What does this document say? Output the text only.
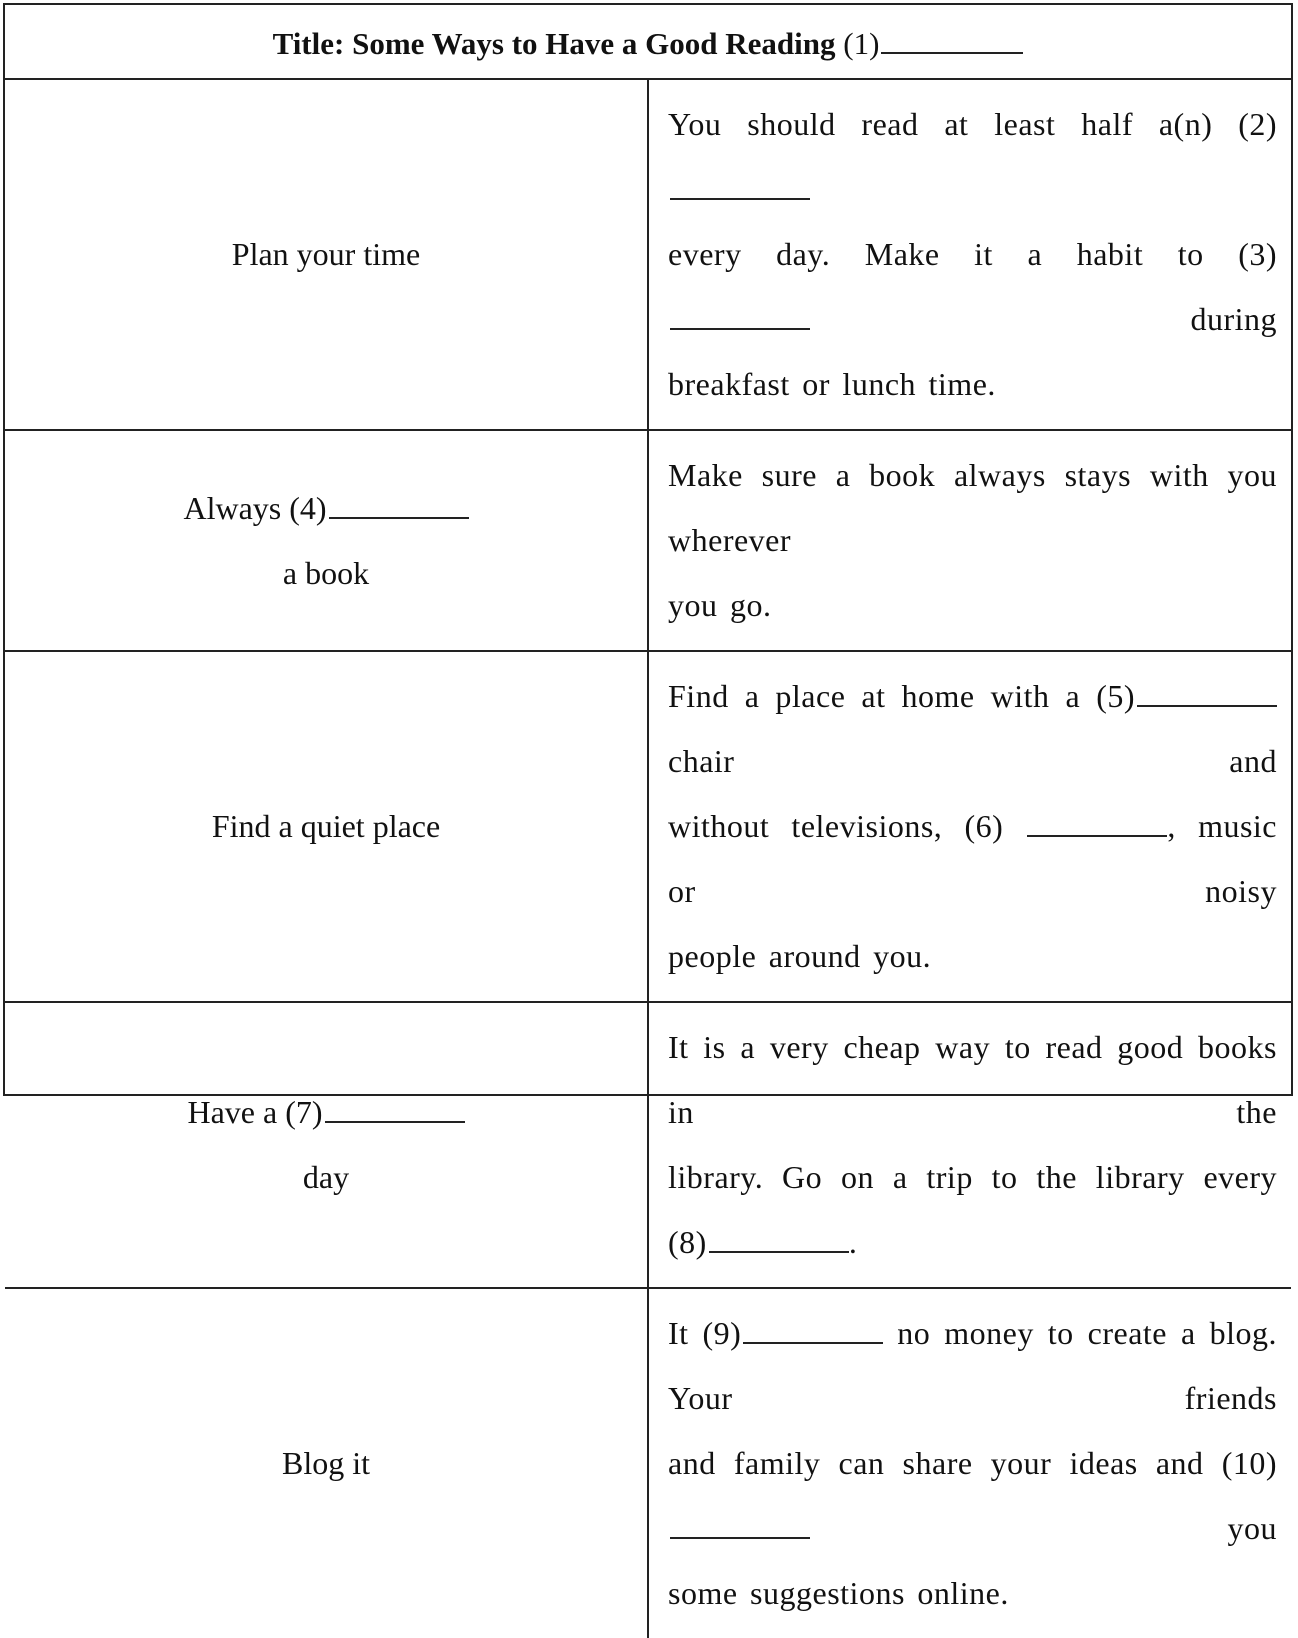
Title: Some Ways to Have a Good Reading (1)	
Plan your time	You should read at least half a(n) (2)
every day. Make it a habit to (3)  during
breakfast or lunch time.

Always (4)
a book	Make sure a book always stays with you wherever
you go.

Find a quiet place	Find a place at home with a (5) chair and
without televisions, (6) , music or noisy
people around you.

Have a (7)
day	It is a very cheap way to read good books in the
library. Go on a trip to the library every
(8) .

Blog it	It (9) no money to create a blog. Your friends
and family can share your ideas and (10)  you
some suggestions online.
